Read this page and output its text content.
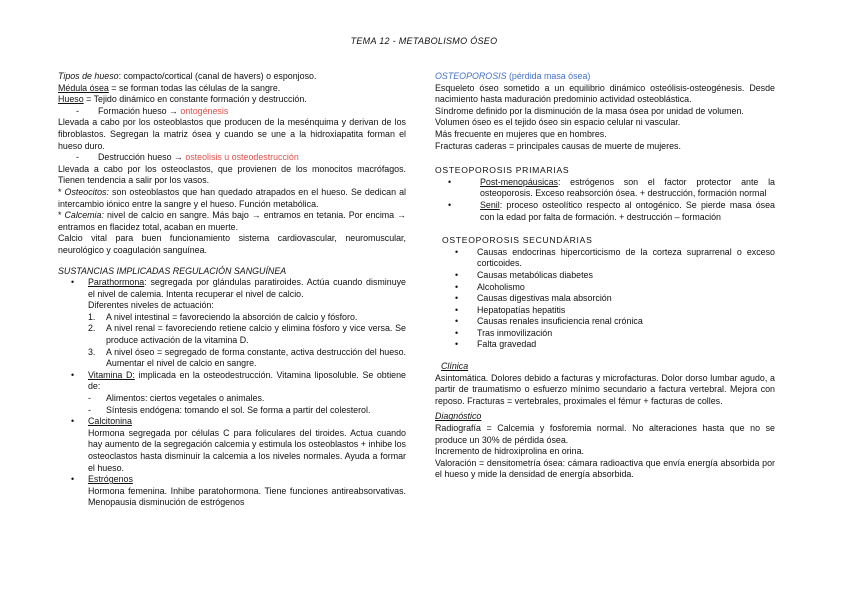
TEMA 12 - METABOLISMO ÓSEO

Tipos de hueso: compacto/cortical (canal de havers) o esponjoso.

Médula ósea = se forman todas las células de la sangre.

Hueso = Tejido dinámico en constante formación y destrucción.

- Formación hueso → ontogénesis

Llevada a cabo por los osteoblastos que producen de la mesénquima y derivan de los fibroblastos. Segregan la matriz ósea y cuando se une a la hidroxiapatita forman el hueso duro.

- Destrucción hueso → osteolisis u osteodestrucción

Llevada a cabo por los osteoclastos, que provienen de los monocitos macrófagos. Tienen tendencia a salir por los vasos.

* Osteocitos: son osteoblastos que han quedado atrapados en el hueso. Se dedican al intercambio iónico entre la sangre y el hueso. Función metabólica.

* Calcemia: nivel de calcio en sangre. Más bajo → entramos en tetania. Por encima → entramos en flacidez total, acaban en muerte.

Calcio vital para buen funcionamiento sistema cardiovascular, neuromuscular, neurológico y coagulación sanguínea.

SUSTANCIAS IMPLICADAS REGULACIÓN SANGUÍNEA

• Parathormona: segregada por glándulas paratiroides. Actúa cuando disminuye el nivel de calemia. Intenta recuperar el nivel de calcio.
Diferentes niveles de actuación:
1. A nivel intestinal = favoreciendo la absorción de calcio y fósforo.
2. A nivel renal = favoreciendo retiene calcio y elimina fósforo y vice versa. Se produce activación de la vitamina D.
3. A nivel óseo = segregado de forma constante, activa destrucción del hueso. Aumentar el nivel de calcio en sangre.
• Vitamina D: implicada en la osteodestrucción. Vitamina liposoluble. Se obtiene de:
- Alimentos: ciertos vegetales o animales.
- Síntesis endógena: tomando el sol. Se forma a partir del colesterol.
• Calcitonina
Hormona segregada por células C para foliculares del tiroides. Actua cuando hay aumento de la segregación calcemia y estimula los osteoblastos + inhibe los osteoclastos hasta disminuir la calcemia a los niveles normales. Ayuda a formar el hueso.
• Estrógenos
Hormona femenina. Inhibe paratohormona. Tiene funciones antireabsorvativas. Menopausia disminución de estrógenos

OSTEOPOROSIS (pérdida masa ósea)

Esqueleto óseo sometido a un equilibrio dinámico osteólisis-osteogénesis. Desde nacimiento hasta maduración predominio actividad osteoblástica.

Síndrome definido por la disminución de la masa ósea por unidad de volumen.

Volumen óseo es el tejido óseo sin espacio celular ni vascular.

Más frecuente en mujeres que en hombres.

Fracturas caderas = principales causas de muerte de mujeres.

OSTEOPOROSIS PRIMARIAS

• Post-menopáusicas: estrógenos son el factor protector ante la osteoporosis. Exceso reabsorción ósea. + destrucción, formación normal
• Senil: proceso osteolítico respecto al ontogénico. Se pierde masa ósea con la edad por falta de formación. + destrucción – formación

OSTEOPOROSIS SECUNDÁRIAS

• Causas endocrinas hipercorticismo de la corteza suprarrenal o exceso corticoides.
• Causas metabólicas diabetes
• Alcoholismo
• Causas digestivas mala absorción
• Hepatopatías hepatitis
• Causas renales insuficiencia renal crónica
• Tras inmovilización
• Falta gravedad

Clínica

Asintomática. Dolores debido a facturas y microfacturas. Dolor dorso lumbar agudo, a partir de traumatismo o esfuerzo mínimo secundario a factura vertebral. Mejora con reposo. Fracturas = vertebrales, proximales el fémur + facturas de colles.

Diagnóstico

Radiografía = Calcemia y fosforemia normal. No alteraciones hasta que no se produce un 30% de pérdida ósea.

Incremento de hidroxiprolina en orina.

Valoración = densitometría ósea: cámara radioactiva que envía energía absorbida por el hueso y mide la densidad de energía absorbida.
